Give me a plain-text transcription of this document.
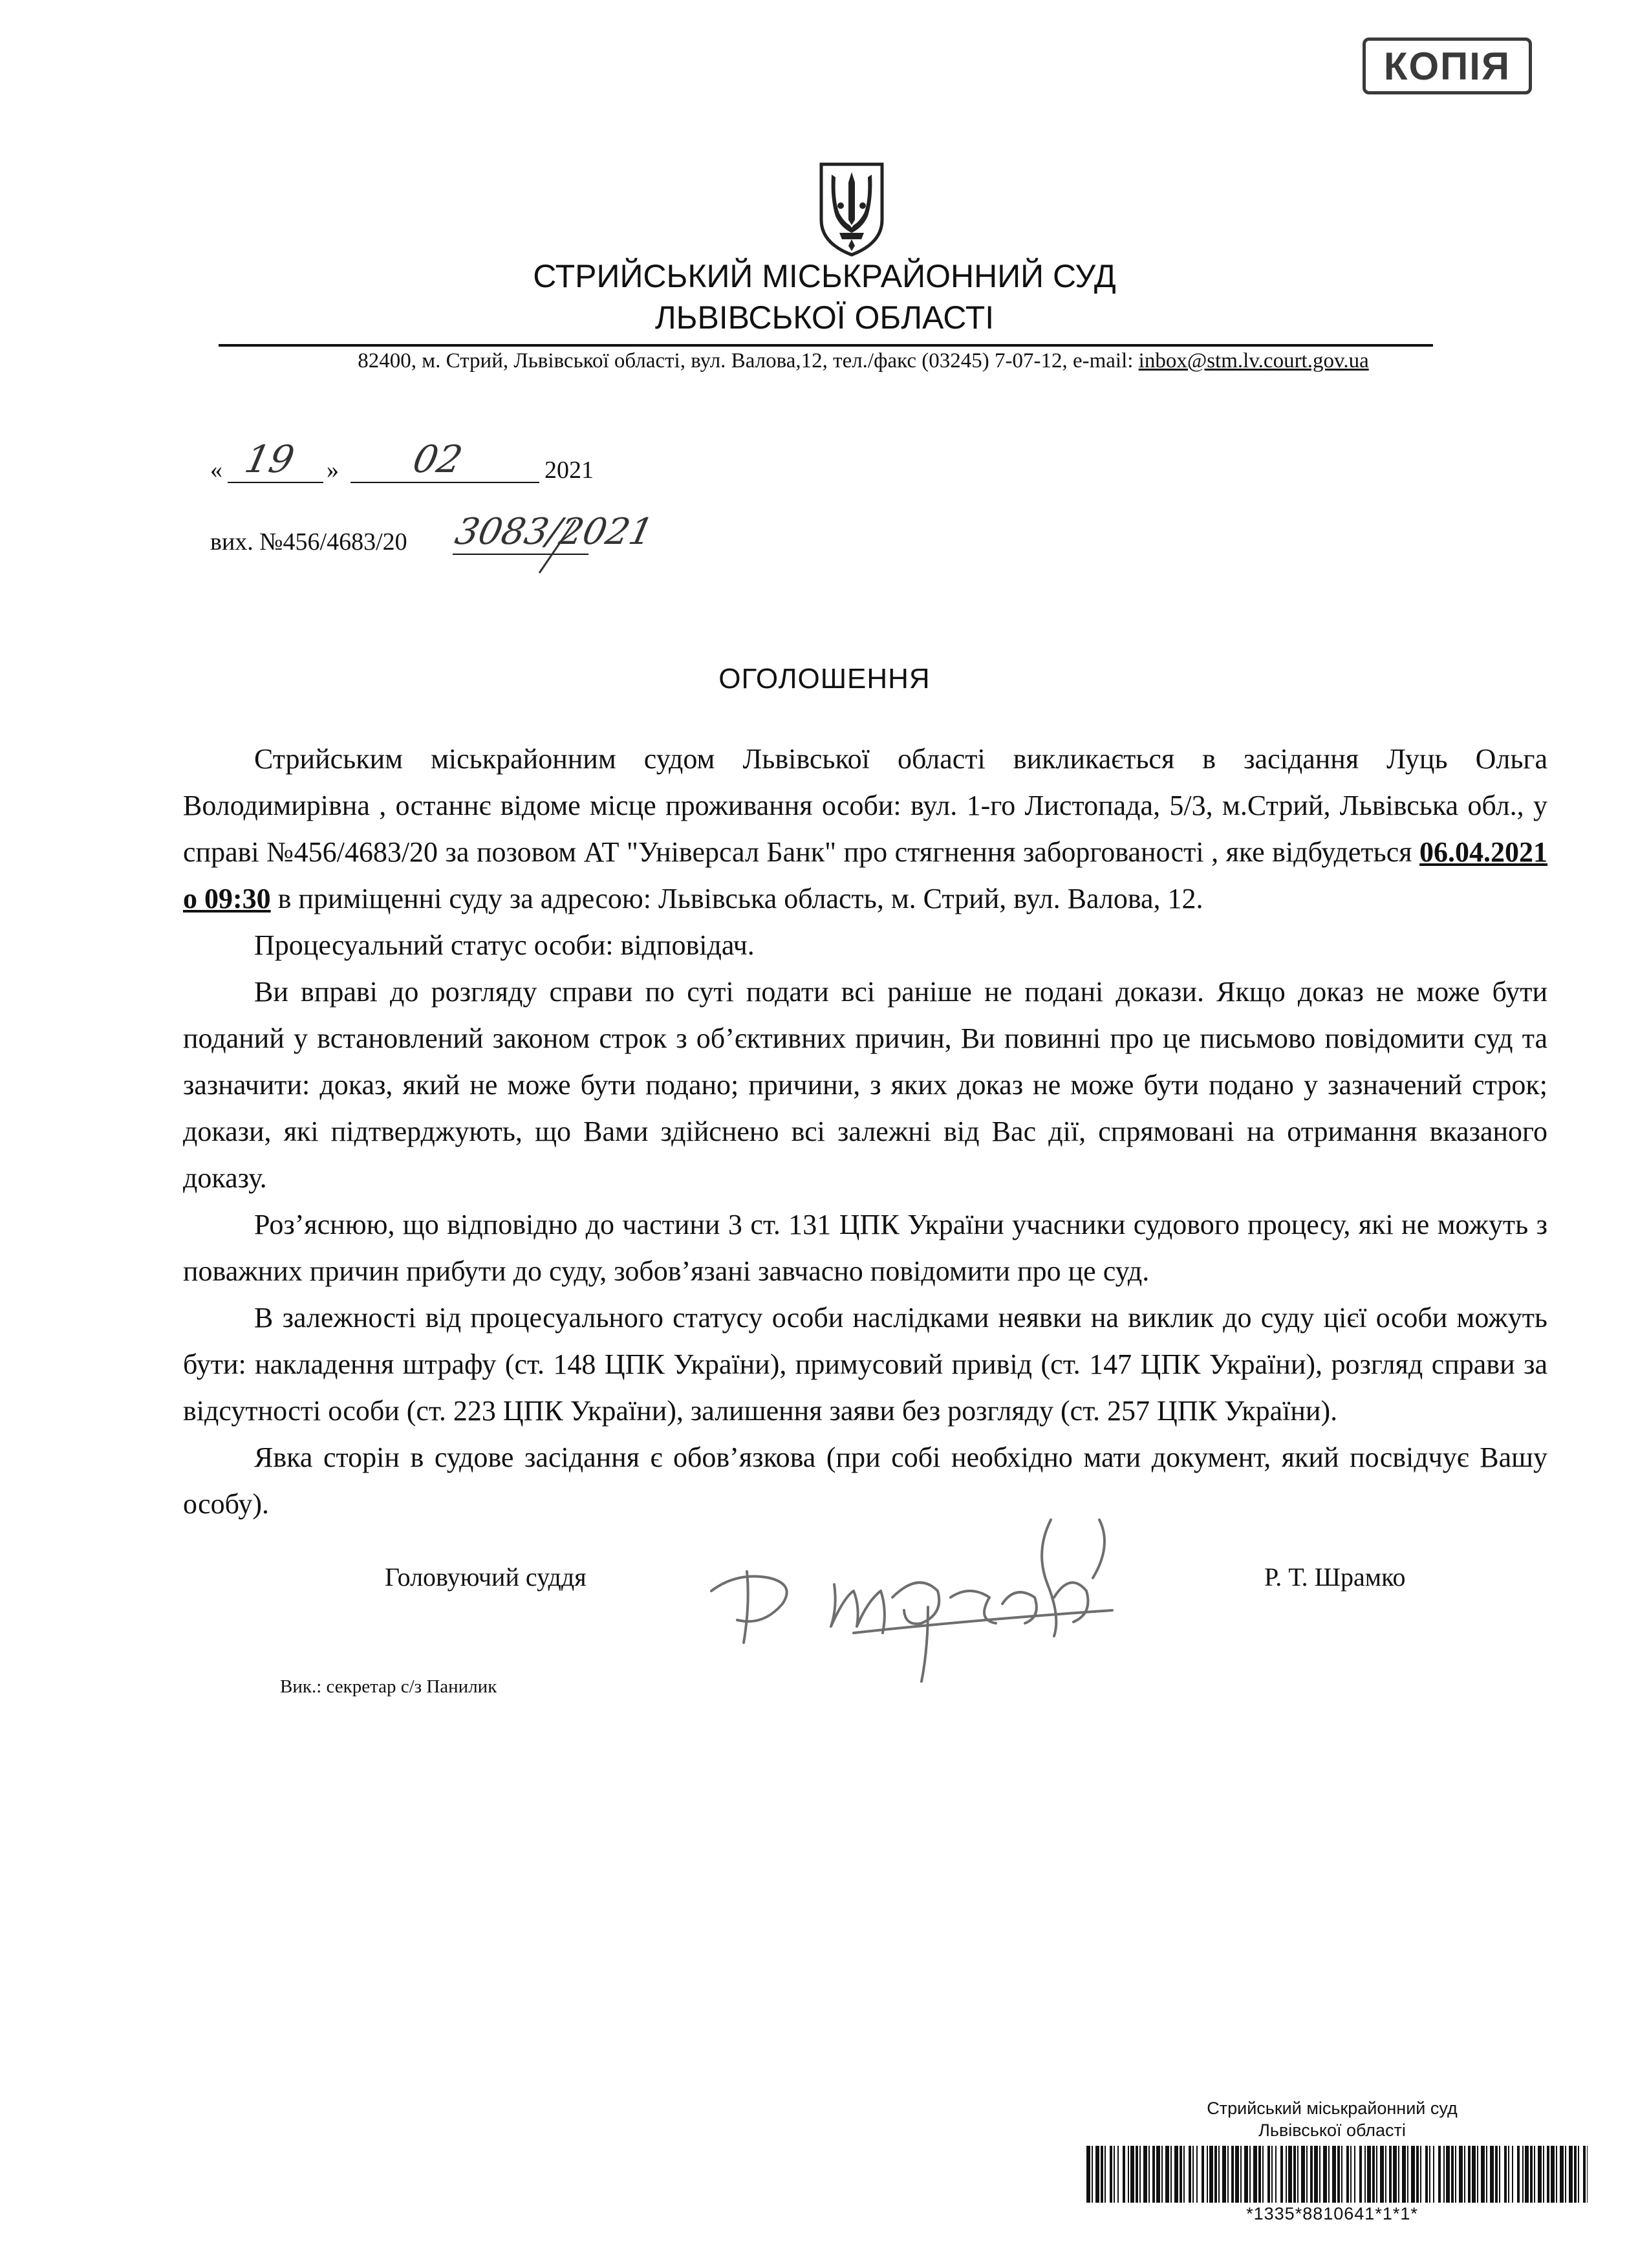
КОПІЯ
СТРИЙСЬКИЙ МІСЬКРАЙОННИЙ СУД
ЛЬВІВСЬКОЇ ОБЛАСТІ
82400, м. Стрий, Львівської області, вул. Валова,12, тел./факс (03245) 7-07-12, e-mail: inbox@stm.lv.court.gov.ua
« 19 » 02	2021
вих. №456/4683/20 3083/2021
ОГОЛОШЕННЯ

Стрийським міськрайонним судом Львівської області викликається в засідання Луць Ольга Володимирівна , останнє відоме місце проживання особи: вул. 1-го Листопада, 5/3, м.Стрий, Львівська обл., у справі №456/4683/20 за позовом АТ "Універсал Банк" про стягнення заборгованості , яке відбудеться 06.04.2021 о 09:30 в приміщенні суду за адресою: Львівська область, м. Стрий, вул. Валова, 12.

Процесуальний статус особи: відповідач.

Ви вправі до розгляду справи по суті подати всі раніше не подані докази. Якщо доказ не може бути поданий у встановлений законом строк з об’єктивних причин, Ви повинні про це письмово повідомити суд та зазначити: доказ, який не може бути подано; причини, з яких доказ не може бути подано у зазначений строк; докази, які підтверджують, що Вами здійснено всі залежні від Вас дії, спрямовані на отримання вказаного доказу.

Роз’яснюю, що відповідно до частини 3 ст. 131 ЦПК України учасники судового процесу, які не можуть з поважних причин прибути до суду, зобов’язані завчасно повідомити про це суд.

В залежності від процесуального статусу особи наслідками неявки на виклик до суду цієї особи можуть бути: накладення штрафу (ст. 148 ЦПК України), примусовий привід (ст. 147 ЦПК України), розгляд справи за відсутності особи (ст. 223 ЦПК України), залишення заяви без розгляду (ст. 257 ЦПК України).

Явка сторін в судове засідання є обов’язкова (при собі необхідно мати документ, який посвідчує Вашу особу).

Головуючий суддя	Р. Т. Шрамко
Вик.: секретар с/з Панилик
Стрийський міськрайонний суд
Львівської області
*1335*8810641*1*1*
